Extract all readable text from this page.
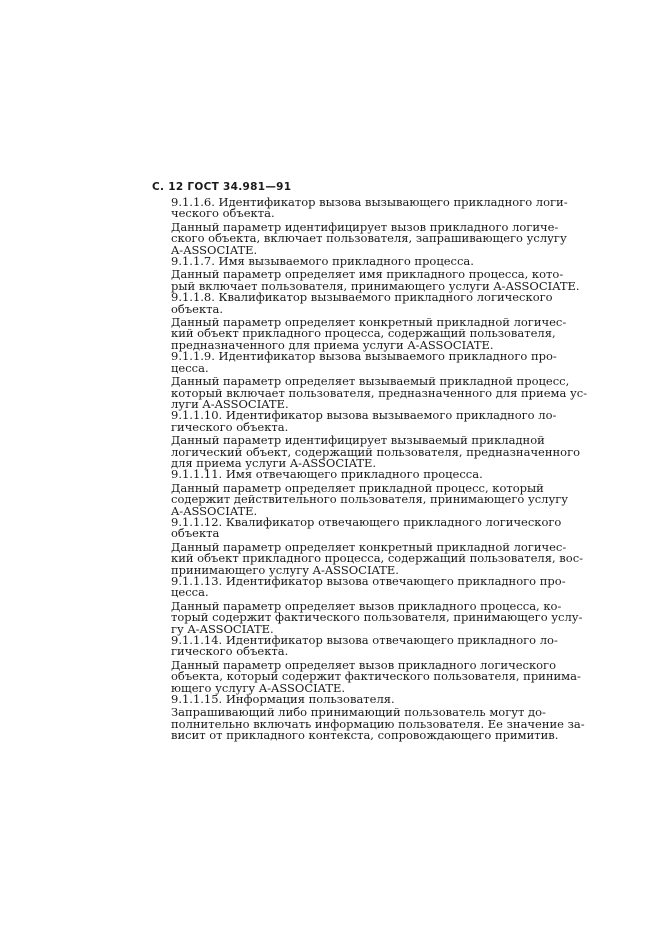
С. 12 ГОСТ 34.981—91

9.1.1.6. Идентификатор вызова вызывающего прикладного логи-
ческого объекта.

Данный параметр идентифицирует вызов прикладного логиче-
ского объекта, включает пользователя, запрашивающего услугу
A-ASSOCIATE.

9.1.1.7. Имя вызываемого прикладного процесса.

Данный параметр определяет имя прикладного процесса, кото-
рый включает пользователя, принимающего услуги A-ASSOCIATE.

9.1.1.8. Квалификатор вызываемого прикладного логического
объекта.

Данный параметр определяет конкретный прикладной логичес-
кий объект прикладного процесса, содержащий пользователя,
предназначенного для приема услуги A-ASSOCIATE.

9.1.1.9. Идентификатор вызова вызываемого прикладного про-
цесса.

Данный параметр определяет вызываемый прикладной процесс,
который включает пользователя, предназначенного для приема ус-
луги A-ASSOCIATE.

9.1.1.10. Идентификатор вызова вызываемого прикладного ло-
гического объекта.

Данный параметр идентифицирует вызываемый прикладной
логический объект, содержащий пользователя, предназначенного
для приема услуги A-ASSOCIATE.

9.1.1.11. Имя отвечающего прикладного процесса.

Данный параметр определяет прикладной процесс, который
содержит действительного пользователя, принимающего услугу
A-ASSOCIATE.

9.1.1.12. Квалификатор отвечающего прикладного логического
объекта

Данный параметр определяет конкретный прикладной логичес-
кий объект прикладного процесса, содержащий пользователя, вос-
принимающего услугу A-ASSOCIATE.

9.1.1.13. Идентификатор вызова отвечающего прикладного про-
цесса.

Данный параметр определяет вызов прикладного процесса, ко-
торый содержит фактического пользователя, принимающего услу-
гу A-ASSOCIATE.

9.1.1.14. Идентификатор вызова отвечающего прикладного ло-
гического объекта.

Данный параметр определяет вызов прикладного логического
объекта, который содержит фактического пользователя, принима-
ющего услугу A-ASSOCIATE.

9.1.1.15. Информация пользователя.

Запрашивающий либо принимающий пользователь могут до-
полнительно включать информацию пользователя. Ее значение за-
висит от прикладного контекста, сопровождающего примитив.
